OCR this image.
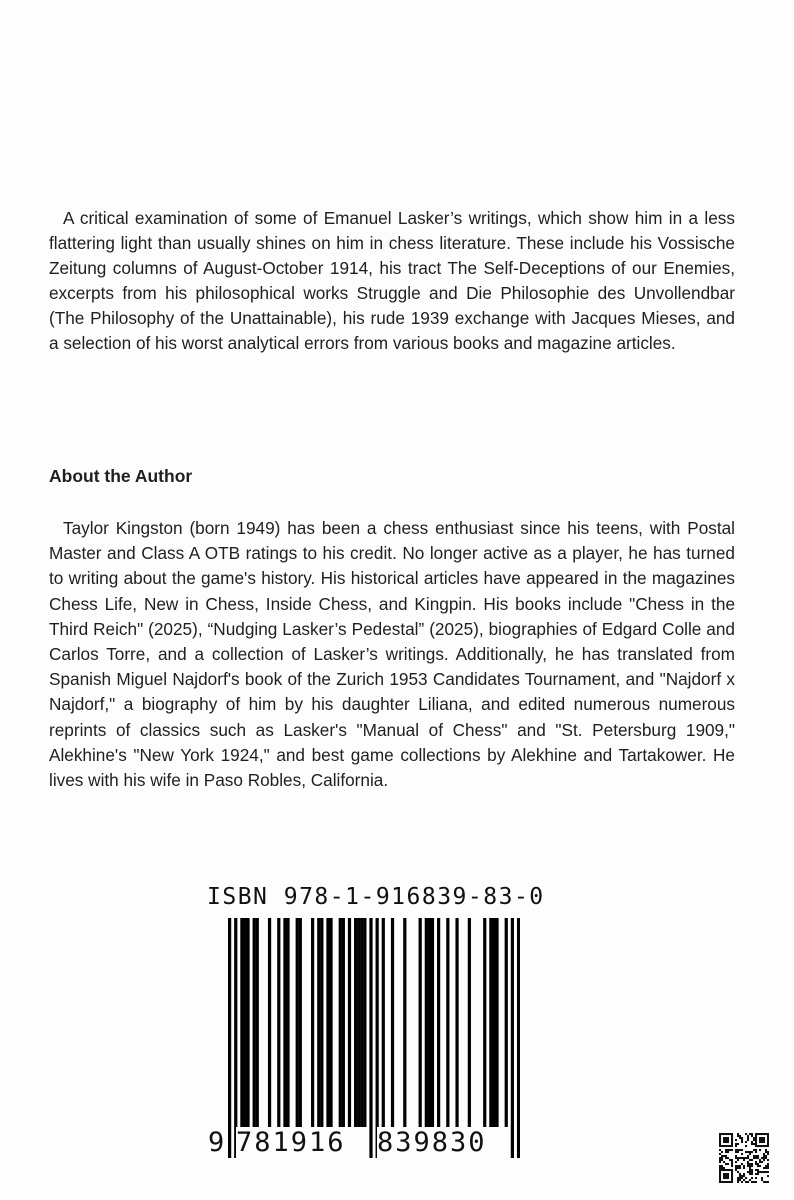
A critical examination of some of Emanuel Lasker’s writings, which show him in a less flattering light than usually shines on him in chess literature. These include his Vossische Zeitung columns of August-October 1914, his tract The Self-Deceptions of our Enemies, excerpts from his philosophical works Struggle and Die Philosophie des Unvollendbar (The Philosophy of the Unattainable), his rude 1939 exchange with Jacques Mieses, and a selection of his worst analytical errors from various books and magazine articles.

About the Author

Taylor Kingston (born 1949) has been a chess enthusiast since his teens, with Postal Master and Class A OTB ratings to his credit. No longer active as a player, he has turned to writing about the game's history. His historical articles have appeared in the magazines Chess Life, New in Chess, Inside Chess, and Kingpin. His books include "Chess in the Third Reich" (2025), “Nudging Lasker’s Pedestal” (2025), biographies of Edgard Colle and Carlos Torre, and a collection of Lasker’s writings. Additionally, he has translated from Spanish Miguel Najdorf's book of the Zurich 1953 Candidates Tournament, and "Najdorf x Najdorf," a biography of him by his daughter Liliana, and edited numerous numerous reprints of classics such as Lasker's "Manual of Chess" and "St. Petersburg 1909," Alekhine's "New York 1924," and best game collections by Alekhine and Tartakower. He lives with his wife in Paso Robles, California.

ISBN 978-1-916839-83-0
9 781916	839830
